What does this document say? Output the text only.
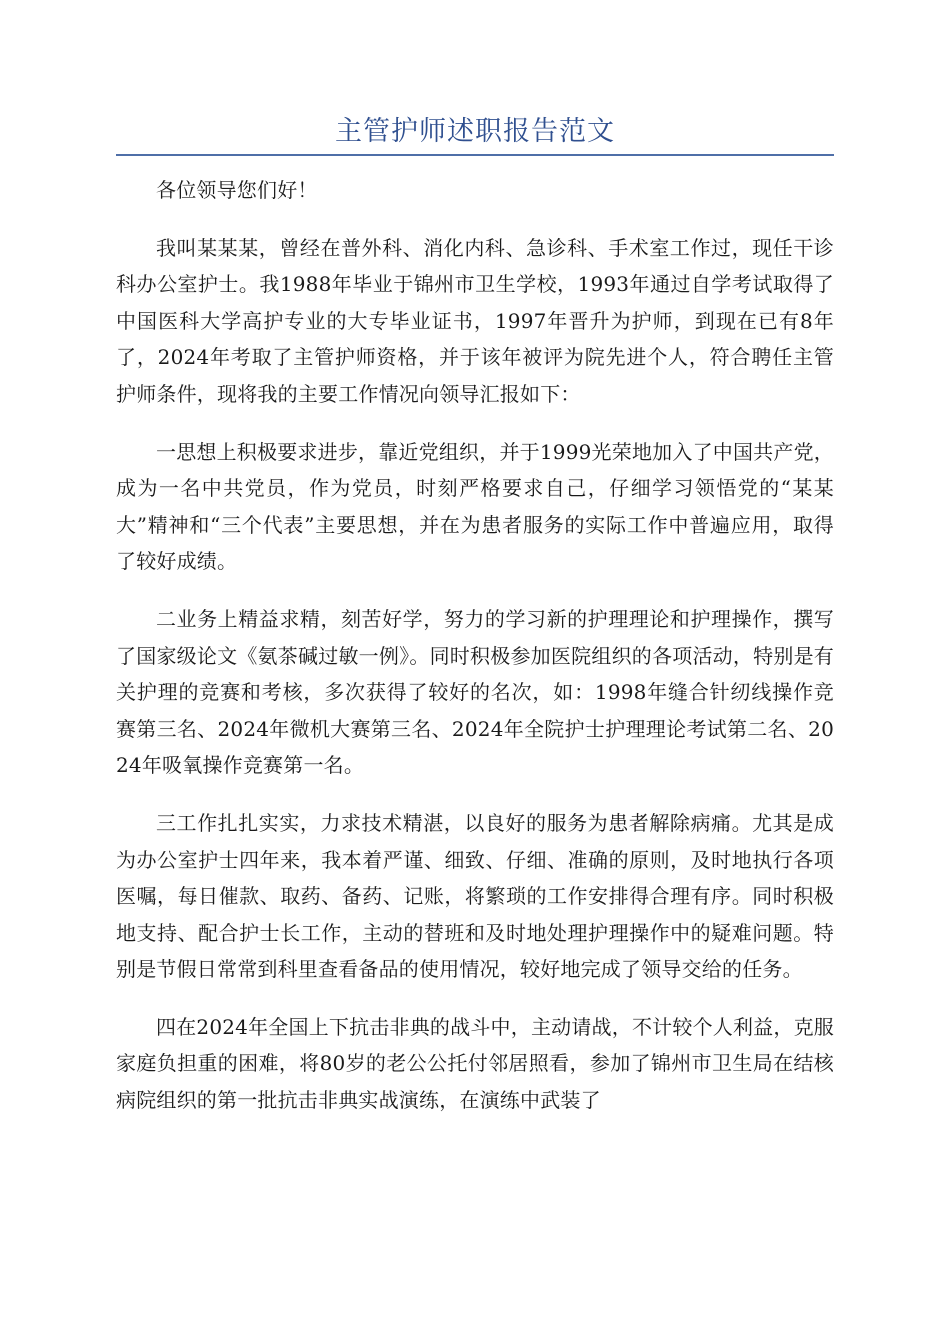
主管护师述职报告范文

各位领导您们好！

我叫某某某，曾经在普外科、消化内科、急诊科、手术室工作过，现任干诊科办公室护士。我1988年毕业于锦州市卫生学校，1993年通过自学考试取得了中国医科大学高护专业的大专毕业证书，1997年晋升为护师，到现在已有8年了，2024年考取了主管护师资格，并于该年被评为院先进个人，符合聘任主管护师条件，现将我的主要工作情况向领导汇报如下：

一思想上积极要求进步，靠近党组织，并于1999光荣地加入了中国共产党，成为一名中共党员，作为党员，时刻严格要求自己，仔细学习领悟党的“某某大”精神和“三个代表”主要思想，并在为患者服务的实际工作中普遍应用，取得了较好成绩。

二业务上精益求精，刻苦好学，努力的学习新的护理理论和护理操作，撰写了国家级论文《氨茶碱过敏一例》。同时积极参加医院组织的各项活动，特别是有关护理的竞赛和考核，多次获得了较好的名次，如：1998年缝合针纫线操作竞赛第三名、2024年微机大赛第三名、2024年全院护士护理理论考试第二名、2024年吸氧操作竞赛第一名。

三工作扎扎实实，力求技术精湛，以良好的服务为患者解除病痛。尤其是成为办公室护士四年来，我本着严谨、细致、仔细、准确的原则，及时地执行各项医嘱，每日催款、取药、备药、记账，将繁琐的工作安排得合理有序。同时积极地支持、配合护士长工作，主动的替班和及时地处理护理操作中的疑难问题。特别是节假日常常到科里查看备品的使用情况，较好地完成了领导交给的任务。

四在2024年全国上下抗击非典的战斗中，主动请战，不计较个人利益，克服家庭负担重的困难，将80岁的老公公托付邻居照看，参加了锦州市卫生局在结核病院组织的第一批抗击非典实战演练，在演练中武装了
